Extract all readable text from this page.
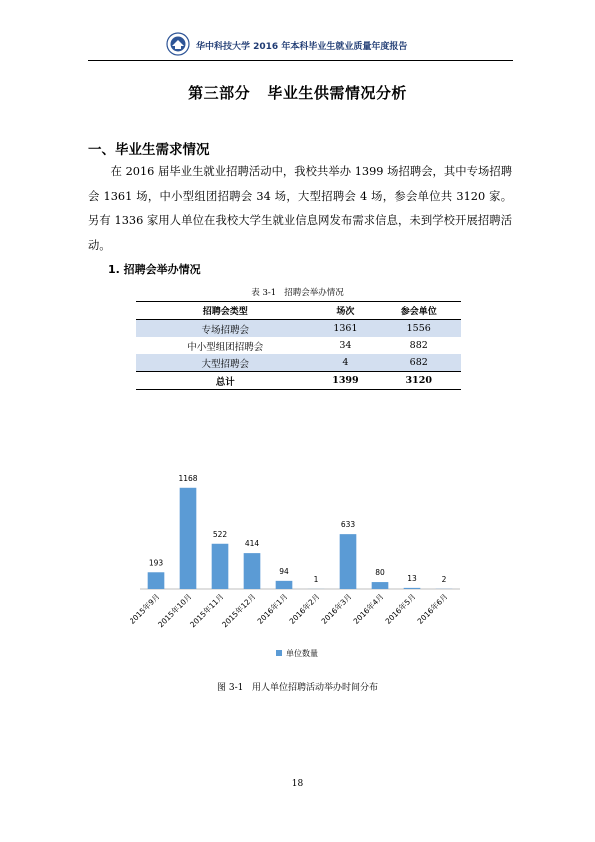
华中科技大学 2016 年本科毕业生就业质量年度报告
第三部分   毕业生供需情况分析
一、毕业生需求情况
在 2016 届毕业生就业招聘活动中，我校共举办 1399 场招聘会，其中专场招聘会 1361 场，中小型组团招聘会 34 场，大型招聘会 4 场，参会单位共 3120 家。另有 1336 家用人单位在我校大学生就业信息网发布需求信息，未到学校开展招聘活动。
1. 招聘会举办情况
表 3-1   招聘会举办情况
招聘会类型	场次	参会单位
专场招聘会	1361	1556
中小型组团招聘会	34	882
大型招聘会	4	682
总计	1399	3120
193
2015年9月
1168
2015年10月
522
2015年11月
414
2015年12月
94
2016年1月
1
2016年2月
633
2016年3月
80
2016年4月
13
2016年5月
2
2016年6月
单位数量
图 3-1   用人单位招聘活动举办时间分布
18
